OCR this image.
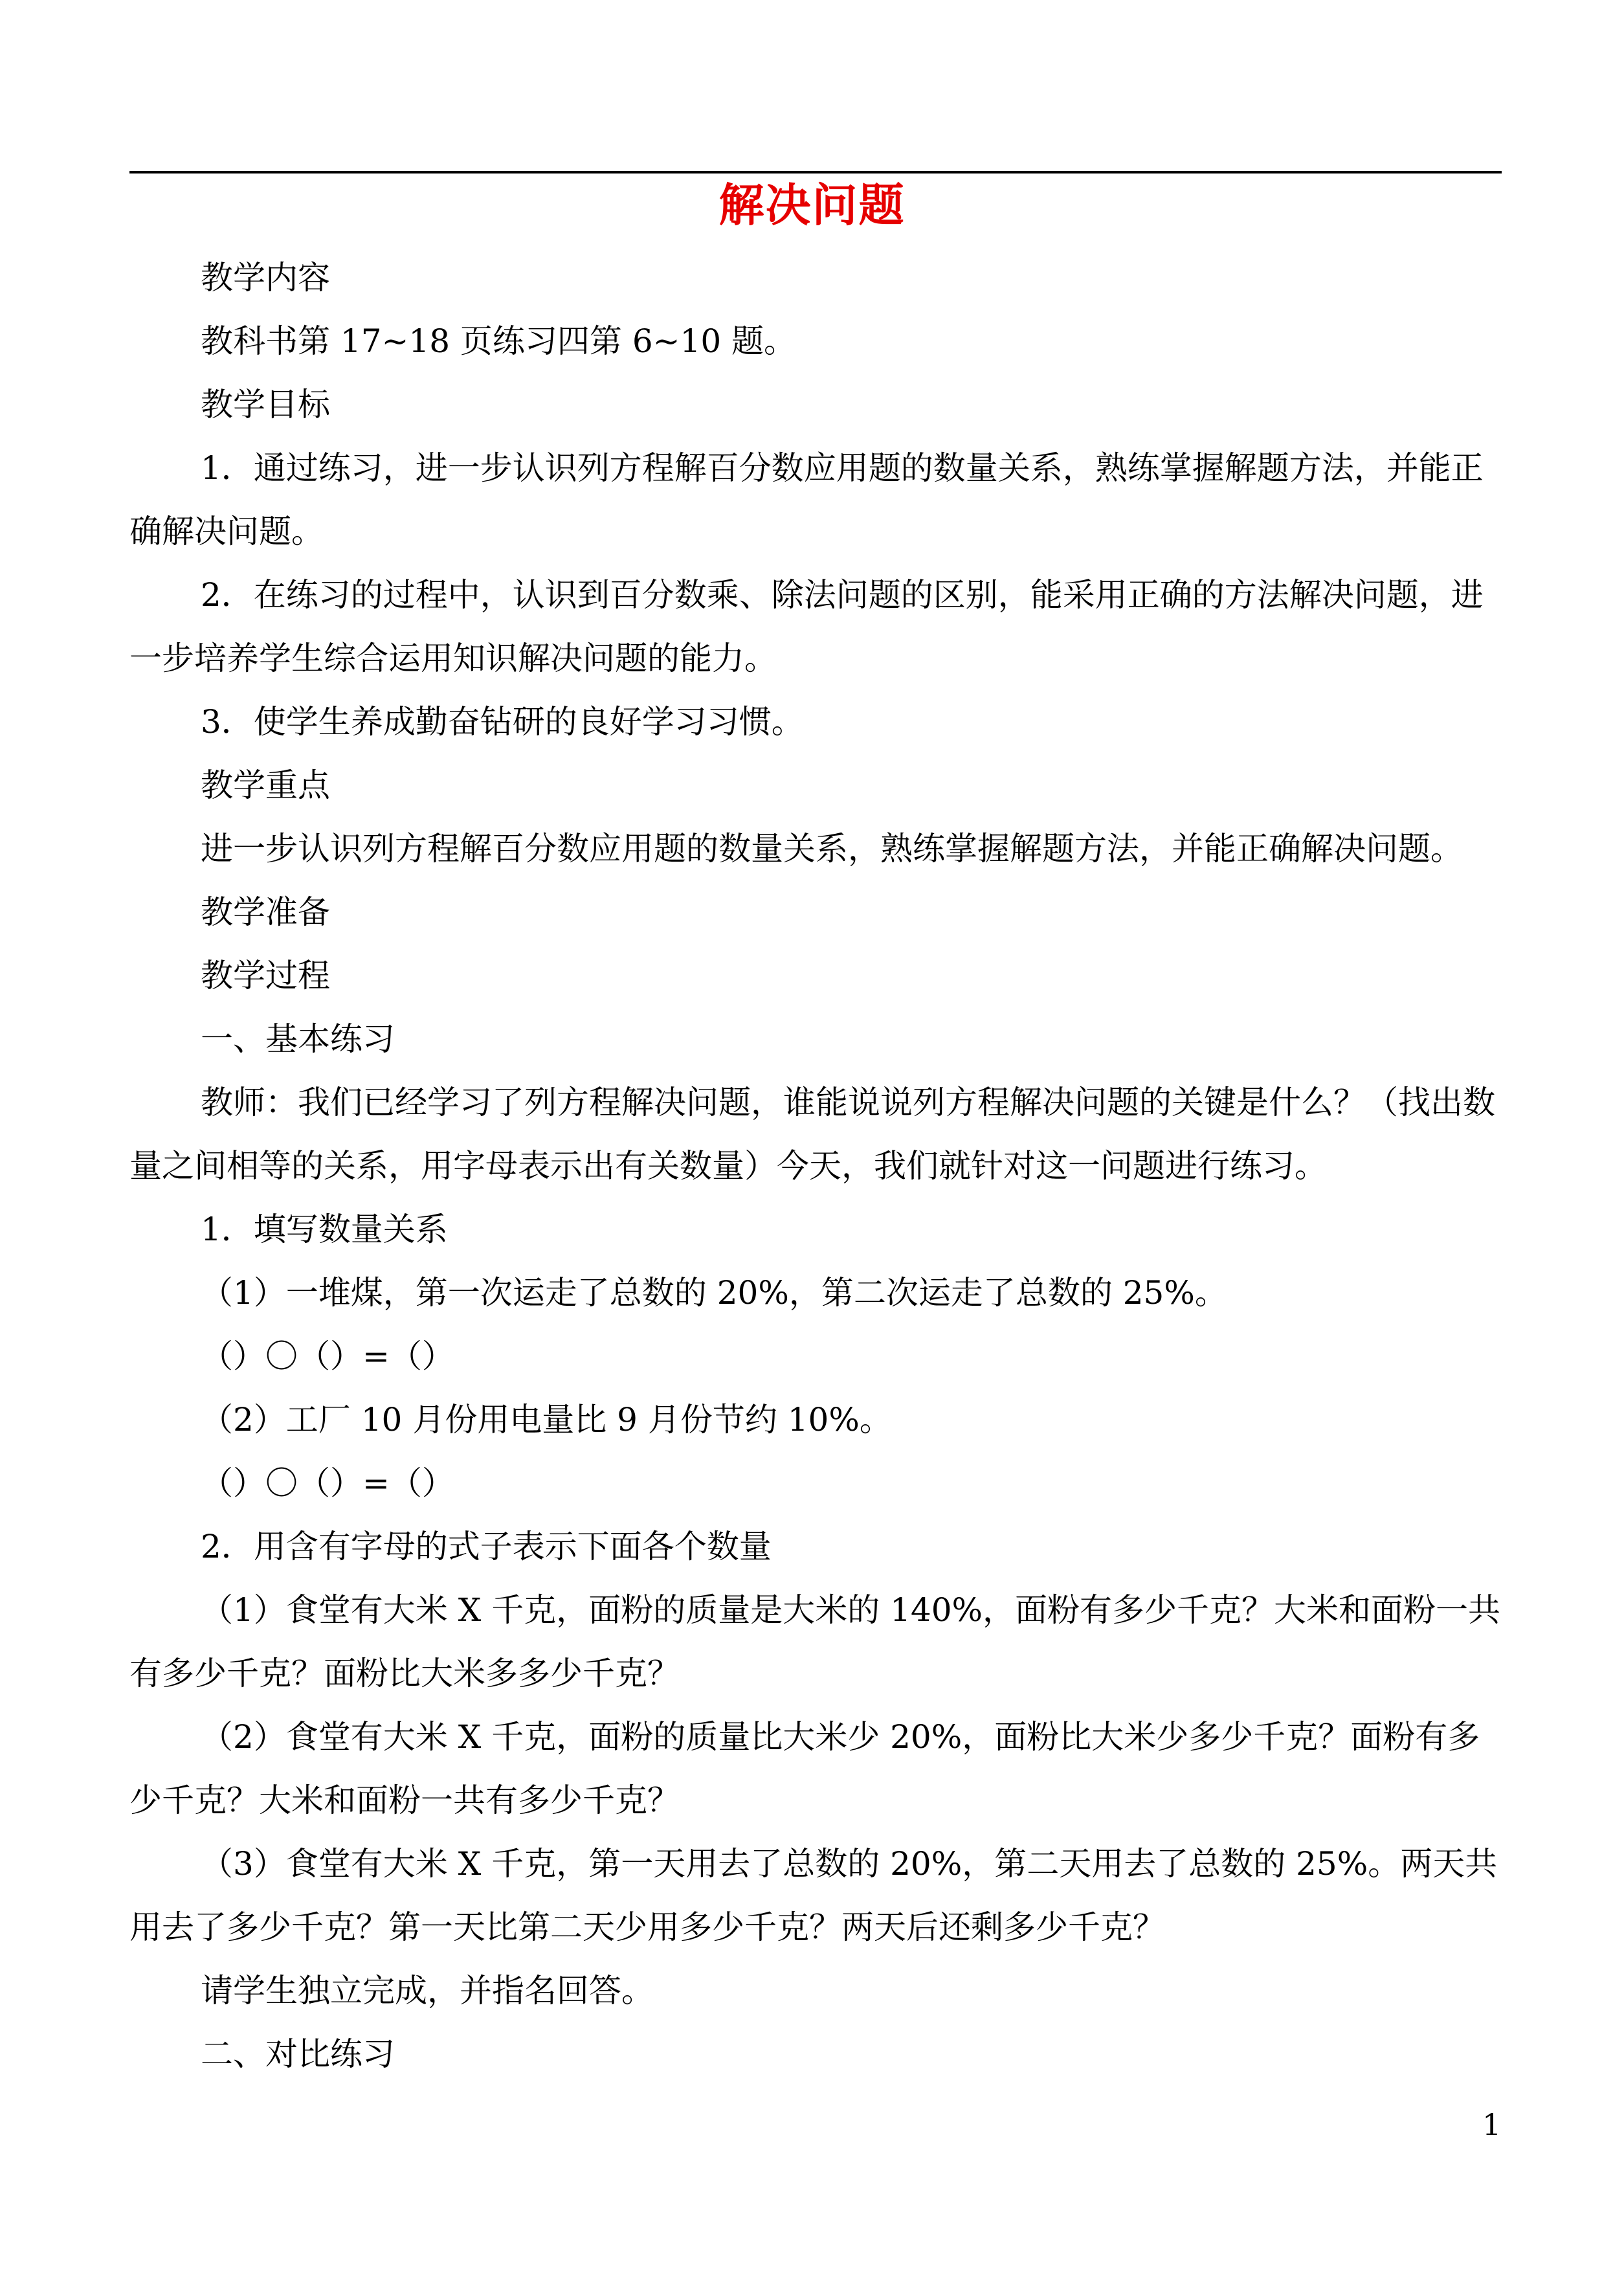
解决问题

教学内容

教科书第 17~18 页练习四第 6~10 题。

教学目标

1．通过练习，进一步认识列方程解百分数应用题的数量关系，熟练掌握解题方法，并能正确解决问题。

2．在练习的过程中，认识到百分数乘、除法问题的区别，能采用正确的方法解决问题，进一步培养学生综合运用知识解决问题的能力。

3．使学生养成勤奋钻研的良好学习习惯。

教学重点

进一步认识列方程解百分数应用题的数量关系，熟练掌握解题方法，并能正确解决问题。

教学准备

教学过程

一、基本练习

教师：我们已经学习了列方程解决问题，谁能说说列方程解决问题的关键是什么？（找出数量之间相等的关系，用字母表示出有关数量）今天，我们就针对这一问题进行练习。

1．填写数量关系

（1）一堆煤，第一次运走了总数的 20%，第二次运走了总数的 25%。

（）〇（）=（）

（2）工厂 10 月份用电量比 9 月份节约 10%。

（）〇（）=（）

2．用含有字母的式子表示下面各个数量

（1）食堂有大米 X 千克，面粉的质量是大米的 140%，面粉有多少千克？大米和面粉一共有多少千克？面粉比大米多多少千克？

（2）食堂有大米 X 千克，面粉的质量比大米少 20%，面粉比大米少多少千克？面粉有多少千克？大米和面粉一共有多少千克？

（3）食堂有大米 X 千克，第一天用去了总数的 20%，第二天用去了总数的 25%。两天共用去了多少千克？第一天比第二天少用多少千克？两天后还剩多少千克？

请学生独立完成，并指名回答。

二、对比练习

1
